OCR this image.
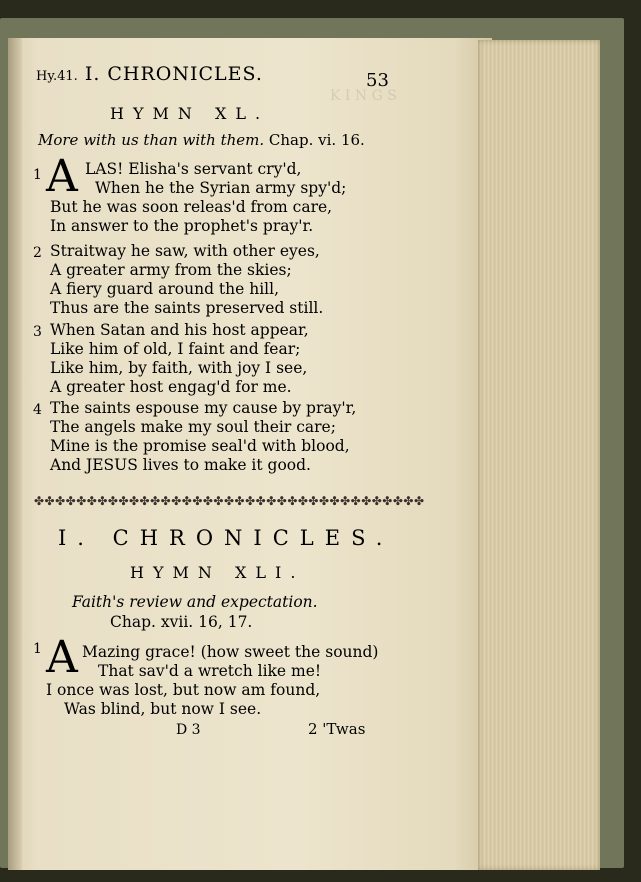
K I N G S
Hy.41. I. CHRONICLES.	53
HYMN XL.
More with us than with them. Chap. vi. 16.
1 A LAS! Elisha's servant cry'd,
When he the Syrian army spy'd;
But he was soon releas'd from care,
In answer to the prophet's pray'r.
2 Straitway he saw, with other eyes,
A greater army from the skies;
A fiery guard around the hill,
Thus are the saints preserved still.
3 When Satan and his host appear,
Like him of old, I faint and fear;
Like him, by faith, with joy I see,
A greater host engag'd for me.
4 The saints espouse my cause by pray'r,
The angels make my soul their care;
Mine is the promise seal'd with blood,
And JESUS lives to make it good.
✤✤✤✤✤✤✤✤✤✤✤✤✤✤✤✤✤✤✤✤✤✤✤✤✤✤✤✤✤✤✤✤✤✤✤✤✤
I. CHRONICLES.
HYMN XLI.
Faith's review and expectation.
Chap. xvii. 16, 17.
1 A Mazing grace! (how sweet the sound)
That sav'd a wretch like me!
I once was lost, but now am found,
Was blind, but now I see.
D 3	2 'Twas
